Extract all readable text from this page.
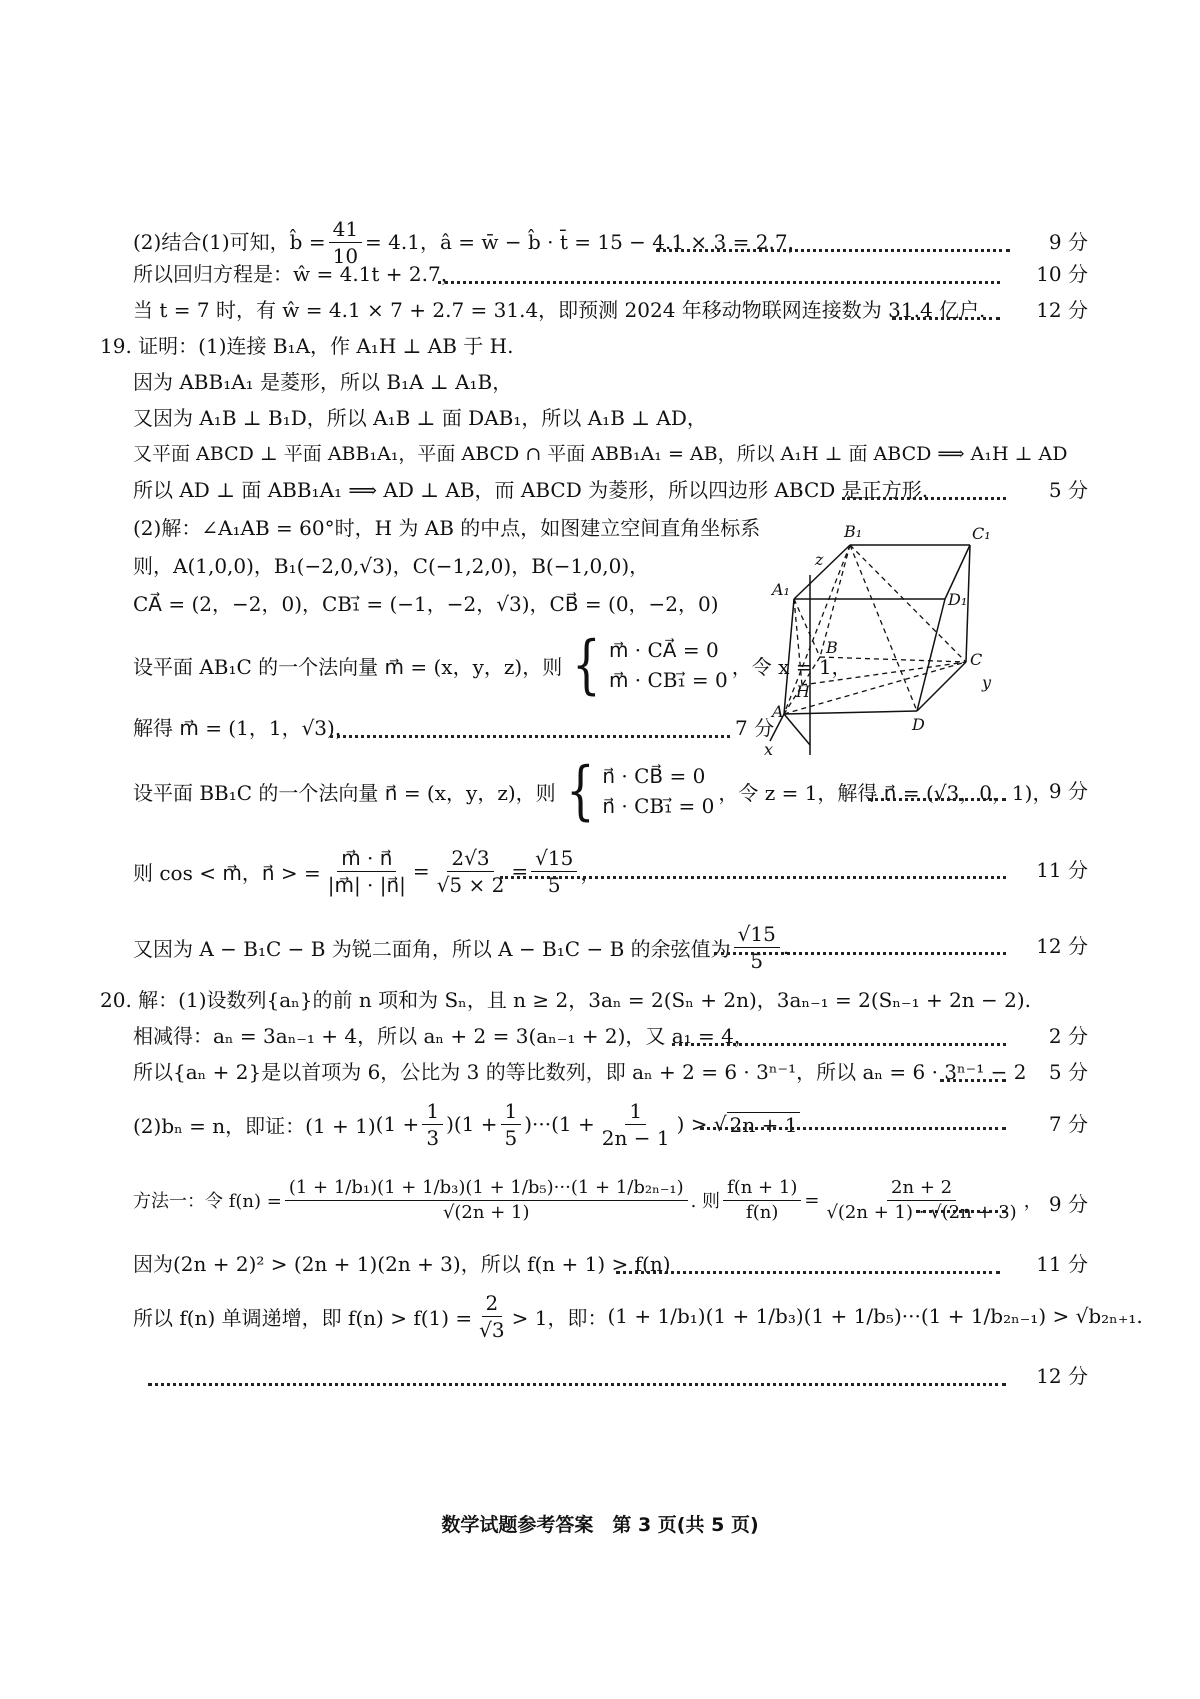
(2)结合(1)可知， b̂ = $\frac{41}{10} = 4.1$，â = w̄ − b̂ · t̄ = 15 − 4.1 × 3 = 2.7，	9 分
所以回归方程是：ŵ = 4.1t + 2.7，	10 分
当 t = 7 时，有 ŵ = 4.1 × 7 + 2.7 = 31.4，即预测 2024 年移动物联网连接数为 31.4 亿户.	12 分
19. 证明：(1)连接 B₁A，作 A₁H ⊥ AB 于 H.
因为 ABB₁A₁ 是菱形，所以 B₁A ⊥ A₁B，
又因为 A₁B ⊥ B₁D，所以 A₁B ⊥ 面 DAB₁，所以 A₁B ⊥ AD，
又平面 ABCD ⊥ 平面 ABB₁A₁，平面 ABCD ∩ 平面 ABB₁A₁ = AB，所以 A₁H ⊥ 面 ABCD ⟹ A₁H ⊥ AD
所以 AD ⊥ 面 ABB₁A₁ ⟹ AD ⊥ AB，而 ABCD 为菱形，所以四边形 ABCD 是正方形.	5 分
(2)解：∠A₁AB = 60°时，H 为 AB 的中点，如图建立空间直角坐标系
则，A(1,0,0)，B₁(−2,0,√3)，C(−1,2,0)，B(−1,0,0)，
CA⃗ = (2，−2，0)，CB₁⃗ = (−1，−2，√3)，CB⃗ = (0，−2，0)
设平面 AB₁C 的一个法向量 m⃗ = (x，y，z)，则 { m⃗ · CA⃗ = 0
m⃗ · CB₁⃗ = 0
，令 x = 1，
解得 m⃗ = (1，1，√3)，	7 分
设平面 BB₁C 的一个法向量 n⃗ = (x，y，z)，则 { n⃗ · CB⃗ = 0
n⃗ · CB₁⃗ = 0
，令 z = 1，解得 n⃗ = (√3，0，1)，
9 分
则 cos < m⃗，n⃗ > = $\frac{m⃗ \cdot n⃗}{|m⃗| \cdot |n⃗|} = \frac{2√3}{√5 \times 2} = \frac{√15}{5}$ ，	11 分
又因为 A − B₁C − B 为锐二面角，所以 A − B₁C − B 的余弦值为
√15
5
.	12 分
z
B₁	C₁
A₁
D₁
B
C
H	y
A
D
x
20. 解：(1)设数列{aₙ}的前 n 项和为 Sₙ，且 n ≥ 2，3aₙ = 2(Sₙ + 2n)，3aₙ₋₁ = 2(Sₙ₋₁ + 2n − 2).
相减得：aₙ = 3aₙ₋₁ + 4，所以 aₙ + 2 = 3(aₙ₋₁ + 2)，又 a₁ = 4，	2 分
所以{aₙ + 2}是以首项为 6，公比为 3 的等比数列，即 aₙ + 2 = 6 · 3ⁿ⁻¹，所以 aₙ = 6 · 3ⁿ⁻¹ − 2 5 分
(2)bₙ = n，即证：(1 + 1) $(1 + \frac{1}{3} )(1 + \frac{1}{5} )\cdot\cdot\cdot(1 + \frac{1}{2n - 1}$ ) > √ 2n + 1	7 分
方法一：令 $f(n) = \frac{\text{(1 + 1/b₁)(1 + 1/b₃)(1 + 1/b₅)···(1 + 1/b₂ₙ₋₁)}}{√(2n + 1)}$ . 则 $\frac{f(n + 1)}{f(n)} = \frac{2n + 2}{√(2n + 1) \cdot √(2n + 3)}$ ， 9 分
因为(2n + 2)² > (2n + 1)(2n + 3)，所以 f(n + 1) > f(n)	11 分
所以 f(n) 单调递增，即 $f(n) > f(1) = \frac{2}{√3} > 1$，即： (1 + 1/b₁)(1 + 1/b₃)(1 + 1/b₅)···(1 + 1/b₂ₙ₋₁) > √b₂ₙ₊₁.
12 分
数学试题参考答案　第 3 页(共 5 页)
